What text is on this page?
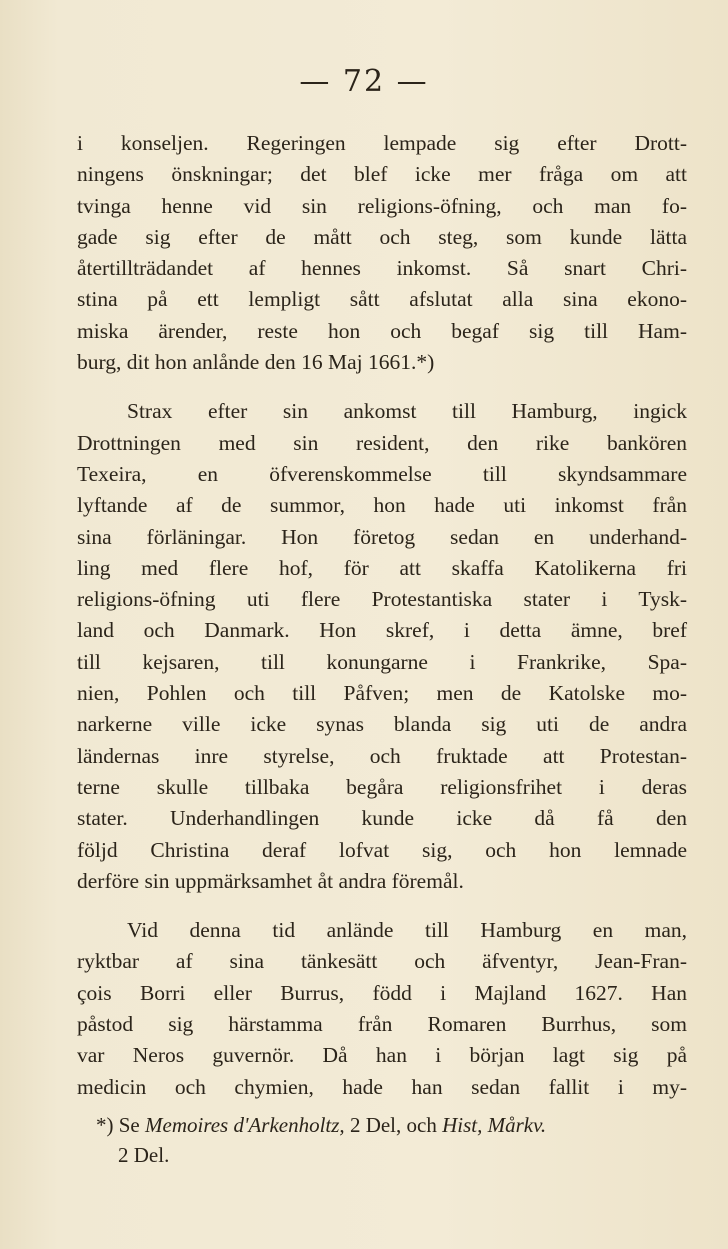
— 72 —
i konseljen. Regeringen lempade sig efter Drott-
ningens önskningar; det blef icke mer fråga om att
tvinga henne vid sin religions-öfning, och man fo-
gade sig efter de mått och steg, som kunde lätta
återtillträdandet af hennes inkomst. Så snart Chri-
stina på ett lempligt sått afslutat alla sina ekono-
miska ärender, reste hon och begaf sig till Ham-
burg, dit hon anlånde den 16 Maj 1661.*)
Strax efter sin ankomst till Hamburg, ingick
Drottningen med sin resident, den rike bankören
Texeira, en öfverenskommelse till skyndsammare
lyftande af de summor, hon hade uti inkomst från
sina förläningar. Hon företog sedan en underhand-
ling med flere hof, för att skaffa Katolikerna fri
religions-öfning uti flere Protestantiska stater i Tysk-
land och Danmark. Hon skref, i detta ämne, bref
till kejsaren, till konungarne i Frankrike, Spa-
nien, Pohlen och till Påfven; men de Katolske mo-
narkerne ville icke synas blanda sig uti de andra
ländernas inre styrelse, och fruktade att Protestan-
terne skulle tillbaka begåra religionsfrihet i deras
stater. Underhandlingen kunde icke då få den
följd Christina deraf lofvat sig, och hon lemnade
derföre sin uppmärksamhet åt andra föremål.
Vid denna tid anlände till Hamburg en man,
ryktbar af sina tänkesätt och äfventyr, Jean-Fran-
çois Borri eller Burrus, född i Majland 1627. Han
påstod sig härstamma från Romaren Burrhus, som
var Neros guvernör. Då han i början lagt sig på
medicin och chymien, hade han sedan fallit i my-
*) Se Memoires d'Arkenholtz, 2 Del, och Hist, Mårkv.
2 Del.
